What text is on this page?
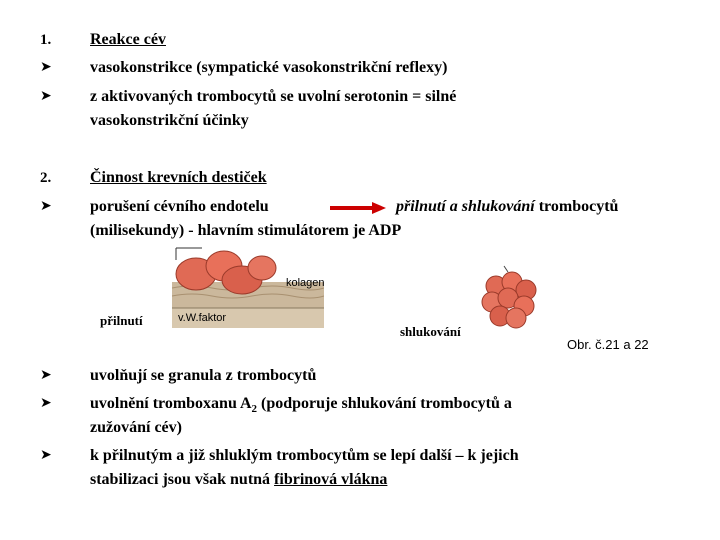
1. Reakce cév
➤ vasokonstrikce (sympatické vasokonstrikční reflexy)
➤ z aktivovaných trombocytů se uvolní serotonin = silné
vasokonstrikční účinky
2. Činnost krevních destiček
➤ porušení cévního endotelu	přilnutí a shlukování trombocytů
(milisekundy) - hlavním stimulátorem je ADP
kolagen
v.W.faktor
přilnutí
shlukování
Obr. č.21 a 22
➤ uvolňují se granula z trombocytů
➤ uvolnění tromboxanu $A_2$ (podporuje shlukování trombocytů a
zužování cév)
➤ k přilnutým a již shluklým trombocytům se lepí další – k jejich
stabilizaci jsou však nutná fibrinová vlákna
